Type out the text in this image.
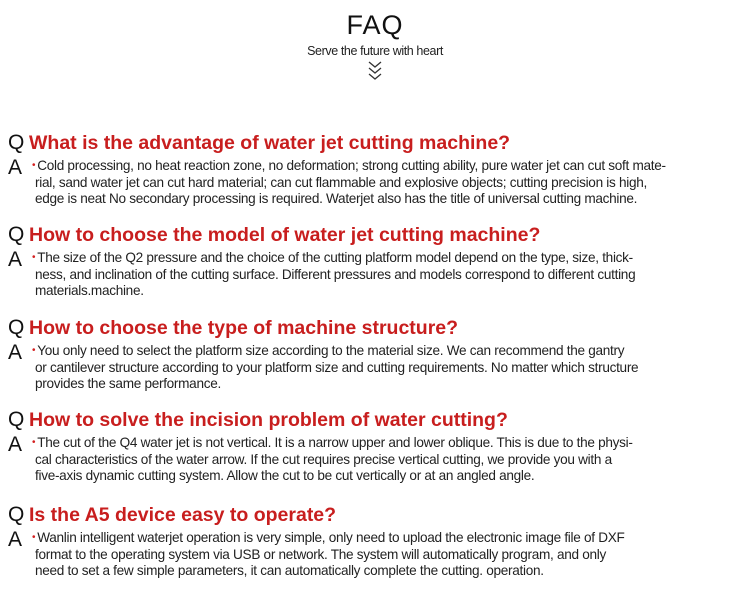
FAQ
Serve the future with heart
Q
A
What is the advantage of water jet cutting machine?
• Cold processing, no heat reaction zone, no deformation; strong cutting ability, pure water jet can cut soft mate-
rial, sand water jet can cut hard material; can cut flammable and explosive objects; cutting precision is high,
edge is neat No secondary processing is required. Waterjet also has the title of universal cutting machine.
Q
A
How to choose the model of water jet cutting machine?
• The size of the Q2 pressure and the choice of the cutting platform model depend on the type, size, thick-
ness, and inclination of the cutting surface. Different pressures and models correspond to different cutting
materials.machine.
Q
A
How to choose the type of machine structure?
• You only need to select the platform size according to the material size. We can recommend the gantry
or cantilever structure according to your platform size and cutting requirements. No matter which structure
provides the same performance.
Q
A
How to solve the incision problem of water cutting?
• The cut of the Q4 water jet is not vertical. It is a narrow upper and lower oblique. This is due to the physi-
cal characteristics of the water arrow. If the cut requires precise vertical cutting, we provide you with a
five-axis dynamic cutting system. Allow the cut to be cut vertically or at an angled angle.
Q
A
Is the A5 device easy to operate?
• Wanlin intelligent waterjet operation is very simple, only need to upload the electronic image file of DXF
format to the operating system via USB or network. The system will automatically program, and only
need to set a few simple parameters, it can automatically complete the cutting. operation.
